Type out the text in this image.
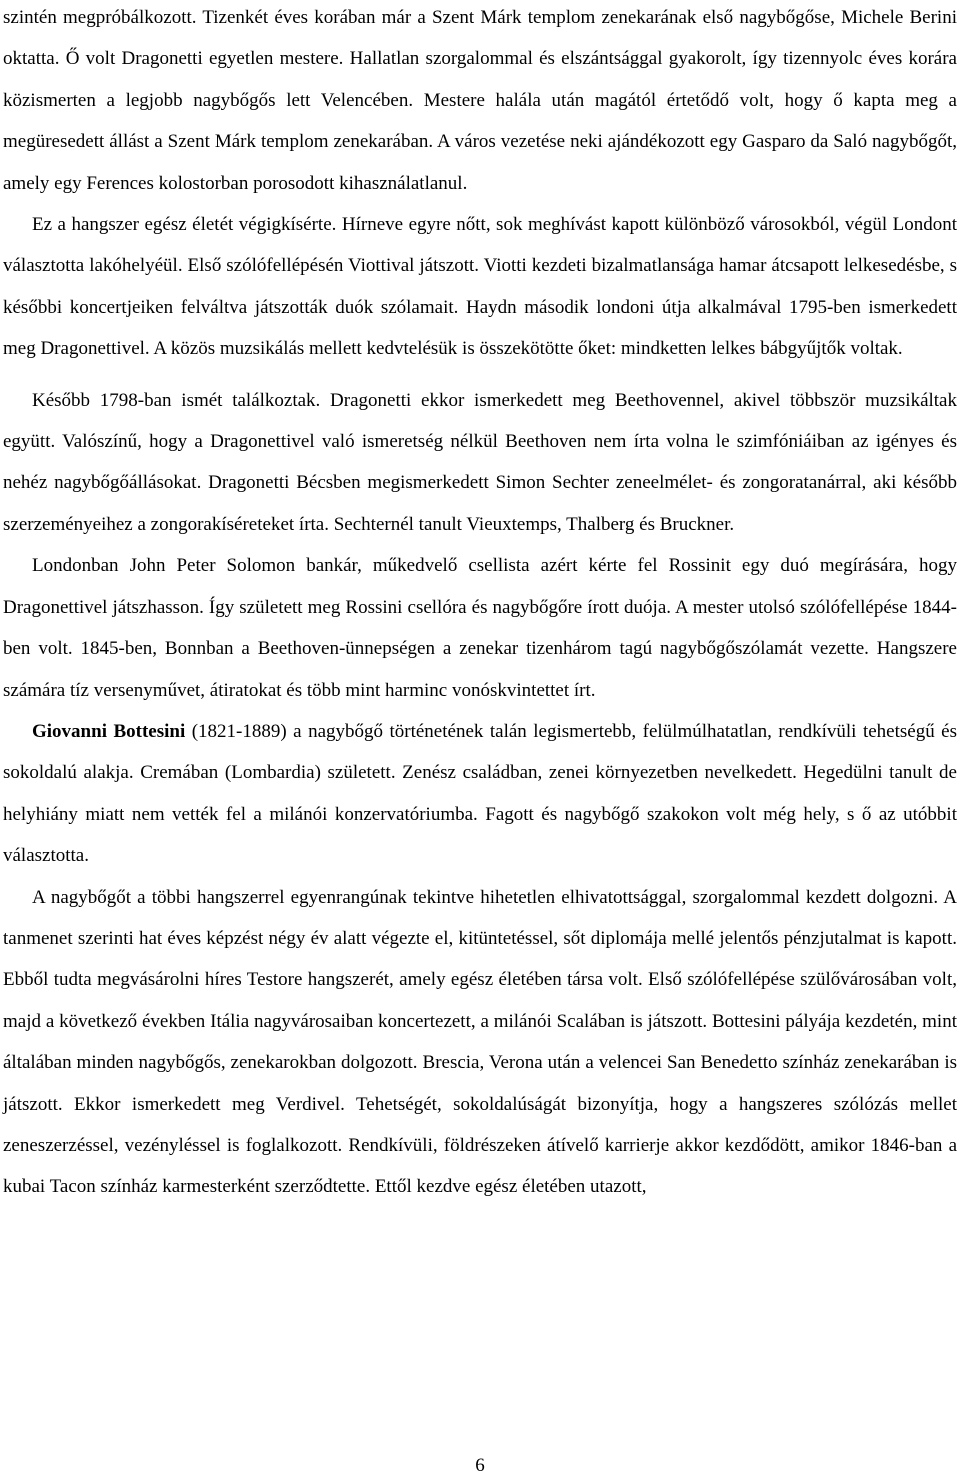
szintén megpróbálkozott. Tizenkét éves korában már a Szent Márk templom zenekarának első nagybőgőse, Michele Berini oktatta. Ő volt Dragonetti egyetlen mestere. Hallatlan szorgalommal és elszántsággal gyakorolt, így tizennyolc éves korára közismerten a legjobb nagybőgős lett Velencében. Mestere halála után magától értetődő volt, hogy ő kapta meg a megüresedett állást a Szent Márk templom zenekarában. A város vezetése neki ajándékozott egy Gasparo da Saló nagybőgőt, amely egy Ferences kolostorban porosodott kihasználatlanul.

Ez a hangszer egész életét végigkísérte. Hírneve egyre nőtt, sok meghívást kapott különböző városokból, végül Londont választotta lakóhelyéül. Első szólófellépésén Viottival játszott. Viotti kezdeti bizalmatlansága hamar átcsapott lelkesedésbe, s későbbi koncertjeiken felváltva játszották duók szólamait. Haydn második londoni útja alkalmával 1795-ben ismerkedett meg Dragonettivel. A közös muzsikálás mellett kedvtelésük is összekötötte őket: mindketten lelkes bábgyűjtők voltak.

Később 1798-ban ismét találkoztak. Dragonetti ekkor ismerkedett meg Beethovennel, akivel többször muzsikáltak együtt. Valószínű, hogy a Dragonettivel való ismeretség nélkül Beethoven nem írta volna le szimfóniáiban az igényes és nehéz nagybőgőállásokat. Dragonetti Bécsben megismerkedett Simon Sechter zeneelmélet- és zongoratanárral, aki később szerzeményeihez a zongorakíséreteket írta. Sechternél tanult Vieuxtemps, Thalberg és Bruckner.

Londonban John Peter Solomon bankár, műkedvelő csellista azért kérte fel Rossinit egy duó megírására, hogy Dragonettivel játszhasson. Így született meg Rossini csellóra és nagybőgőre írott duója. A mester utolsó szólófellépése 1844-ben volt. 1845-ben, Bonnban a Beethoven-ünnepségen a zenekar tizenhárom tagú nagybőgőszólamát vezette. Hangszere számára tíz versenyművet, átiratokat és több mint harminc vonóskvintettet írt.

Giovanni Bottesini (1821-1889) a nagybőgő történetének talán legismertebb, felülmúlhatatlan, rendkívüli tehetségű és sokoldalú alakja. Cremában (Lombardia) született. Zenész családban, zenei környezetben nevelkedett. Hegedülni tanult de helyhiány miatt nem vették fel a milánói konzervatóriumba. Fagott és nagybőgő szakokon volt még hely, s ő az utóbbit választotta.

A nagybőgőt a többi hangszerrel egyenrangúnak tekintve hihetetlen elhivatottsággal, szorgalommal kezdett dolgozni. A tanmenet szerinti hat éves képzést négy év alatt végezte el, kitüntetéssel, sőt diplomája mellé jelentős pénzjutalmat is kapott. Ebből tudta megvásárolni híres Testore hangszerét, amely egész életében társa volt. Első szólófellépése szülővárosában volt, majd a következő években Itália nagyvárosaiban koncertezett, a milánói Scalában is játszott. Bottesini pályája kezdetén, mint általában minden nagybőgős, zenekarokban dolgozott. Brescia, Verona után a velencei San Benedetto színház zenekarában is játszott. Ekkor ismerkedett meg Verdivel. Tehetségét, sokoldalúságát bizonyítja, hogy a hangszeres szólózás mellet zeneszerzéssel, vezényléssel is foglalkozott. Rendkívüli, földrészeken átívelő karrierje akkor kezdődött, amikor 1846-ban a kubai Tacon színház karmesterként szerződtette. Ettől kezdve egész életében utazott,

6
